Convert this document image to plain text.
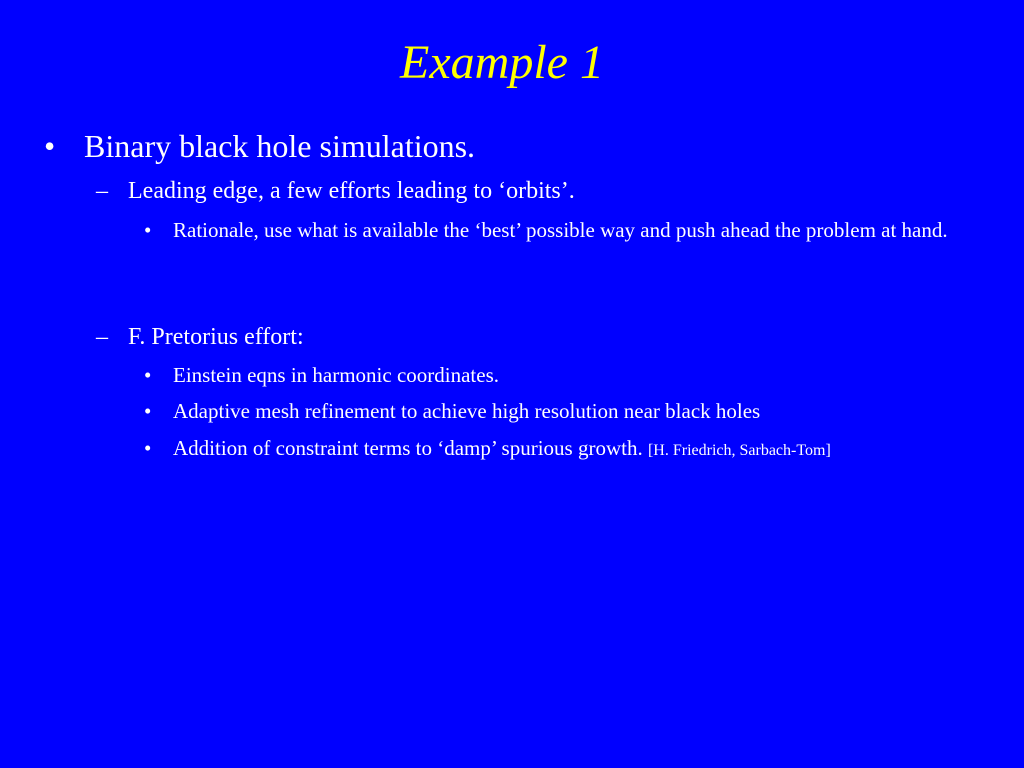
Example 1
• Binary black hole simulations.
– Leading edge, a few efforts leading to ‘orbits’.
•	Rationale, use what is available the ‘best’ possible way and push ahead the problem at hand.
– F. Pretorius effort:
•	Einstein eqns in harmonic coordinates.
•	Adaptive mesh refinement to achieve high resolution near black holes
•	Addition of constraint terms to ‘damp’ spurious growth. [H. Friedrich, Sarbach-Tom]
